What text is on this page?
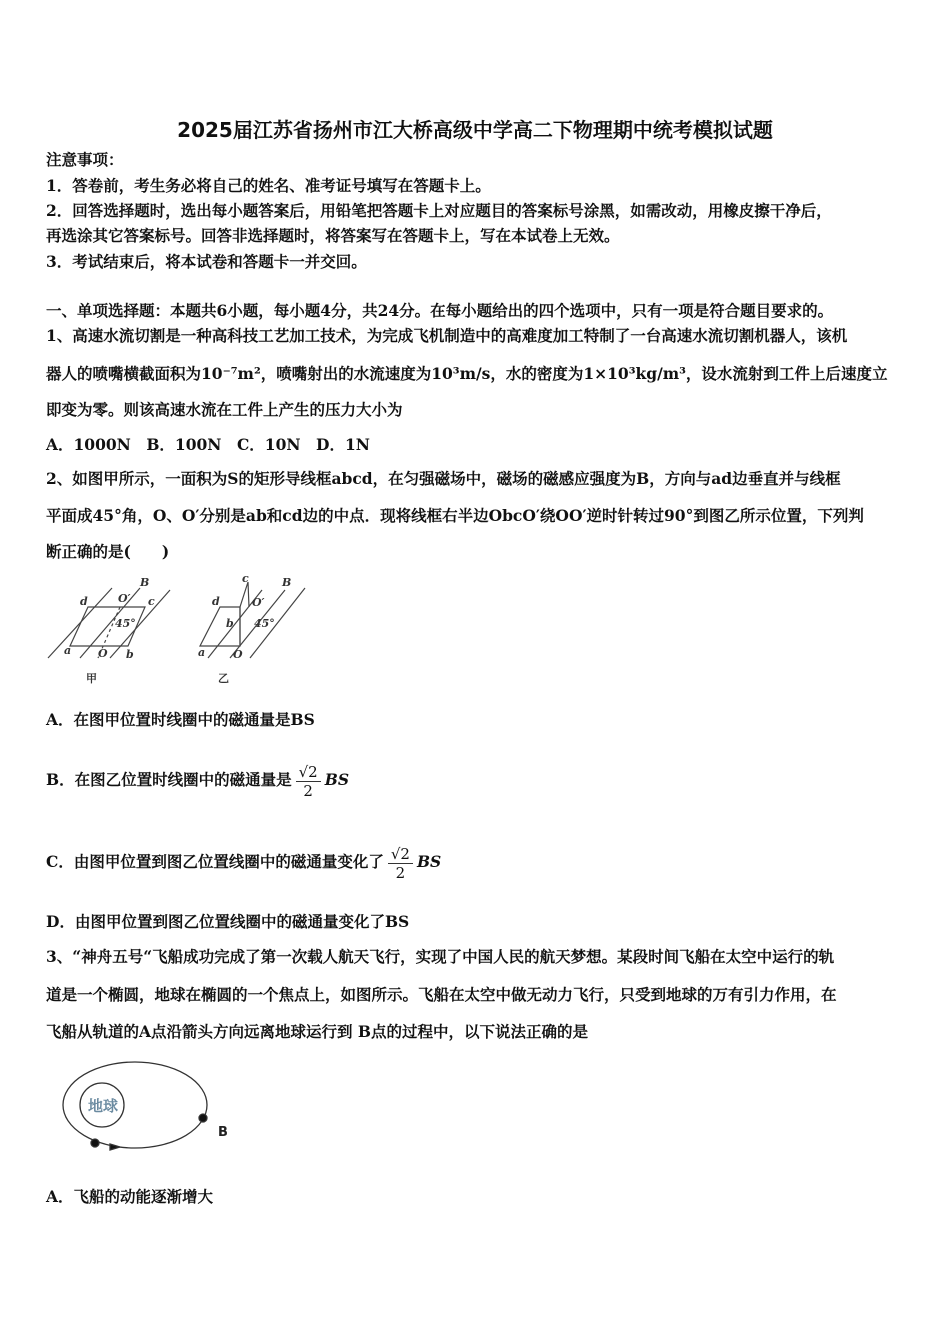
2025届江苏省扬州市江大桥高级中学高二下物理期中统考模拟试题
注意事项：
1．答卷前，考生务必将自己的姓名、准考证号填写在答题卡上。
2．回答选择题时，选出每小题答案后，用铅笔把答题卡上对应题目的答案标号涂黑，如需改动，用橡皮擦干净后，
再选涂其它答案标号。回答非选择题时，将答案写在答题卡上，写在本试卷上无效。
3．考试结束后，将本试卷和答题卡一并交回。
一、单项选择题：本题共6小题，每小题4分，共24分。在每小题给出的四个选项中，只有一项是符合题目要求的。
1、高速水流切割是一种高科技工艺加工技术，为完成飞机制造中的高难度加工特制了一台高速水流切割机器人，该机
器人的喷嘴横截面积为10⁻⁷m²，喷嘴射出的水流速度为10³m/s，水的密度为1×10³kg/m³，设水流射到工件上后速度立
即变为零。则该高速水流在工件上产生的压力大小为
A．1000N　B．100N　C．10N　D．1N
2、如图甲所示，一面积为S的矩形导线框abcd，在匀强磁场中，磁场的磁感应强度为B，方向与ad边垂直并与线框
平面成45°角，O、O′分别是ab和cd边的中点．现将线框右半边ObcO′绕OO′逆时针转过90°到图乙所示位置，下列判
断正确的是(　　)
d	c
a	b
O
O′
45°
B
d
c
b
a	O
O′
45°
B
甲	乙
A．在图甲位置时线圈中的磁通量是BS
B．在图乙位置时线圈中的磁通量是 $\frac{√2}{2}$ BS
C．由图甲位置到图乙位置线圈中的磁通量变化了 $\frac{√2}{2}$ BS
D．由图甲位置到图乙位置线圈中的磁通量变化了BS
3、“神舟五号“飞船成功完成了第一次载人航天飞行，实现了中国人民的航天梦想。某段时间飞船在太空中运行的轨
道是一个椭圆，地球在椭圆的一个焦点上，如图所示。飞船在太空中做无动力飞行，只受到地球的万有引力作用，在
飞船从轨道的A点沿箭头方向远离地球运行到 B点的过程中，以下说法正确的是
地球
B
A．飞船的动能逐渐增大
